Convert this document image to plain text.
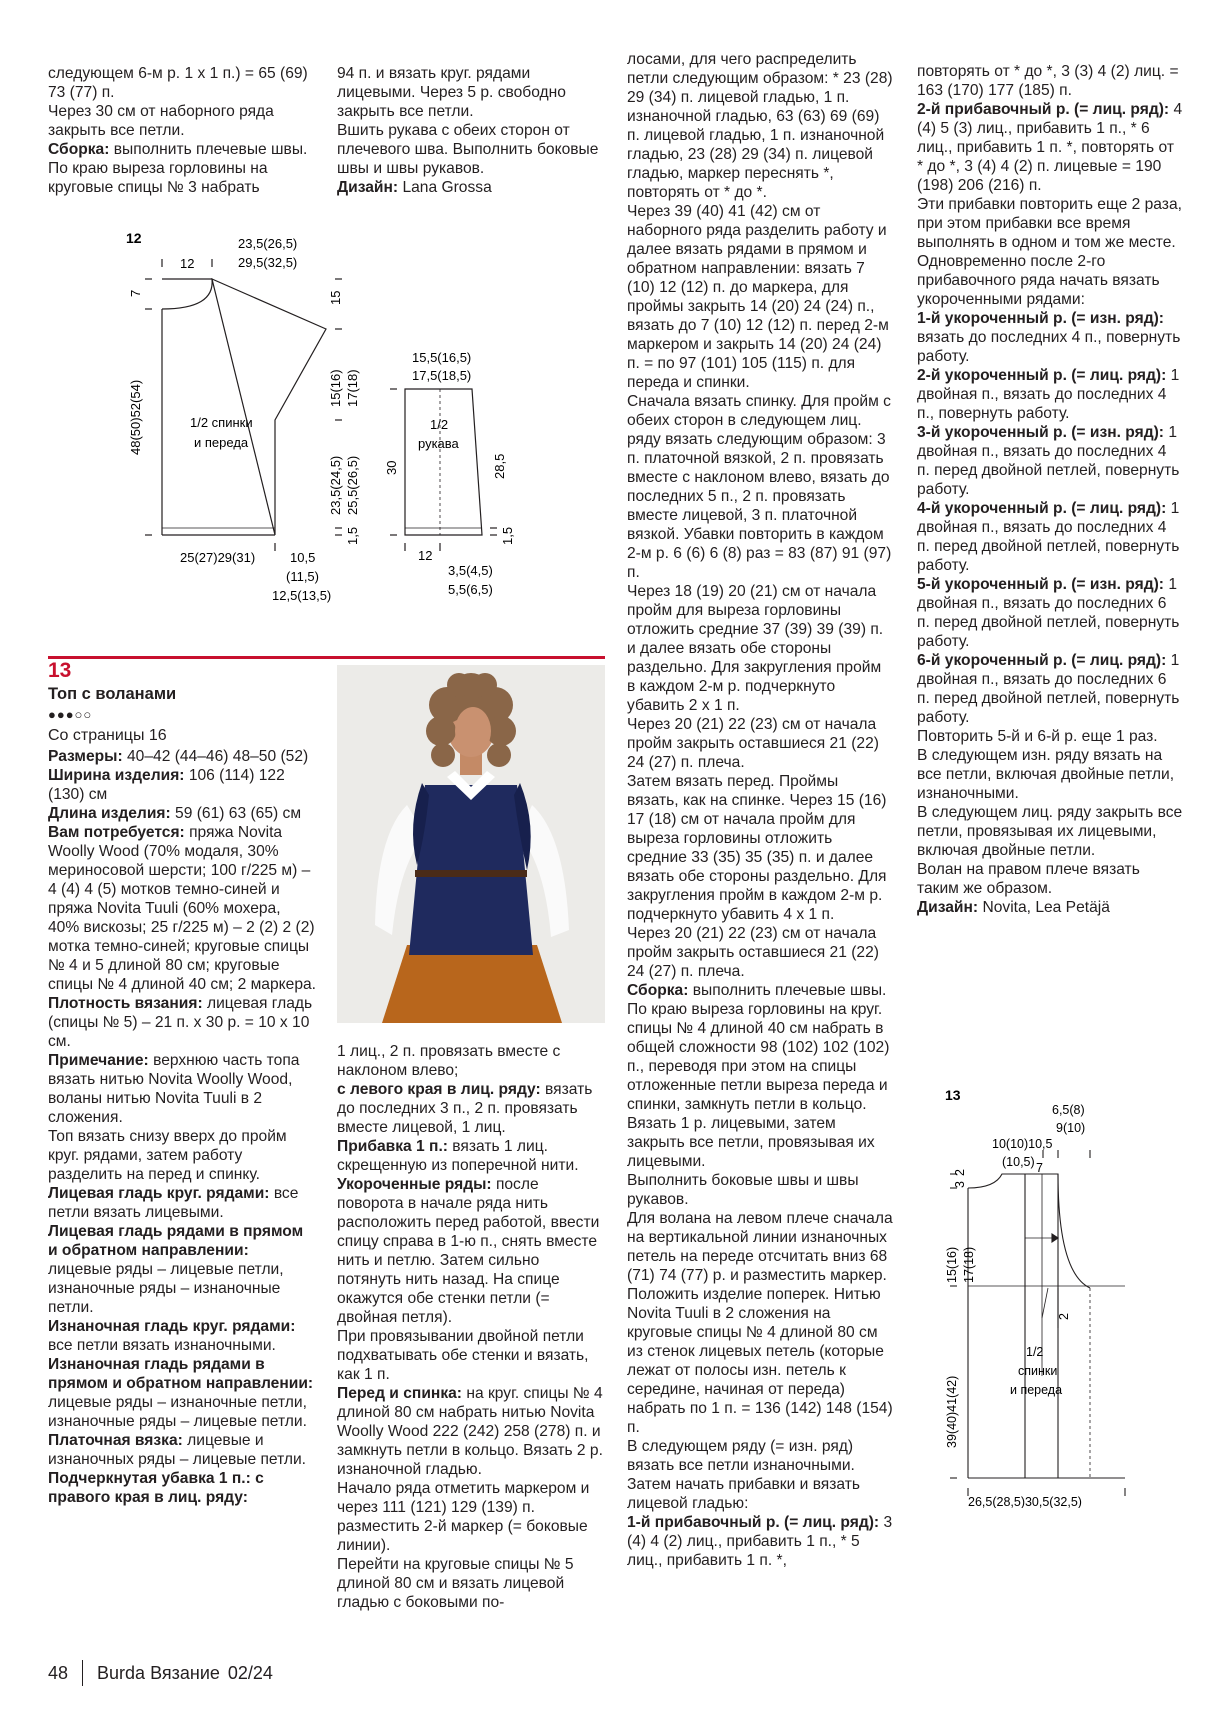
следующем 6-м р. 1 х 1 п.) = 65 (69) 73 (77) п.

Через 30 см от наборного ряда закрыть все петли.

Сборка: выполнить плечевые швы. По краю выреза горловины на круговые спицы № 3 набрать

94 п. и вязать круг. рядами лицевыми. Через 5 р. свободно закрыть все петли.

Вшить рукава с обеих сторон от плечевого шва. Выполнить боковые швы и швы рукавов.

Дизайн: Lana Grossa

лосами, для чего распределить петли следующим образом: * 23 (28) 29 (34) п. лицевой гладью, 1 п. изнаночной гладью, 63 (63) 69 (69) п. лицевой гладью, 1 п. изнаночной гладью, 23 (28) 29 (34) п. лицевой гладью, маркер переснять *, повторять от * до *.

Через 39 (40) 41 (42) см от наборного ряда разделить работу и далее вязать рядами в прямом и обратном направлении: вязать 7 (10) 12 (12) п. до маркера, для проймы закрыть 14 (20) 24 (24) п., вязать до 7 (10) 12 (12) п. перед 2-м маркером и закрыть 14 (20) 24 (24) п. = по 97 (101) 105 (115) п. для переда и спинки.

Сначала вязать спинку. Для пройм с обеих сторон в следующем лиц. ряду вязать следующим образом: 3 п. платочной вязкой, 2 п. провязать вместе с наклоном влево, вязать до последних 5 п., 2 п. провязать вместе лицевой, 3 п. платочной вязкой. Убавки повторить в каждом 2-м р. 6 (6) 6 (8) раз = 83 (87) 91 (97) п.

Через 18 (19) 20 (21) см от начала пройм для выреза горловины отложить средние 37 (39) 39 (39) п. и далее вязать обе стороны раздельно. Для закругления пройм в каждом 2-м р. подчеркнуто убавить 2 х 1 п.

Через 20 (21) 22 (23) см от начала пройм закрыть оставшиеся 21 (22) 24 (27) п. плеча.

Затем вязать перед. Проймы вязать, как на спинке. Через 15 (16) 17 (18) см от начала пройм для выреза горловины отложить средние 33 (35) 35 (35) п. и далее вязать обе стороны раздельно. Для закругления пройм в каждом 2-м р. подчеркнуто убавить 4 х 1 п.

Через 20 (21) 22 (23) см от начала пройм закрыть оставшиеся 21 (22) 24 (27) п. плеча.

Сборка: выполнить плечевые швы. По краю выреза горловины на круг. спицы № 4 длиной 40 см набрать в общей сложности 98 (102) 102 (102) п., переводя при этом на спицы отложенные петли выреза переда и спинки, замкнуть петли в кольцо. Вязать 1 р. лицевыми, затем закрыть все петли, провязывая их лицевыми.

Выполнить боковые швы и швы рукавов.

Для волана на левом плече сначала на вертикальной линии изнаночных петель на переде отсчитать вниз 68 (71) 74 (77) р. и разместить маркер. Положить изделие поперек. Нитью Novita Tuuli в 2 сложения на круговые спицы № 4 длиной 80 см из стенок лицевых петель (которые лежат от полосы изн. петель к середине, начиная от переда) набрать по 1 п. = 136 (142) 148 (154) п.

В следующем ряду (= изн. ряд) вязать все петли изнаночными. Затем начать прибавки и вязать лицевой гладью:

1-й прибавочный р. (= лиц. ряд): 3 (4) 4 (2) лиц., прибавить 1 п., * 5 лиц., прибавить 1 п. *,

повторять от * до *, 3 (3) 4 (2) лиц. = 163 (170) 177 (185) п.

2-й прибавочный р. (= лиц. ряд): 4 (4) 5 (3) лиц., прибавить 1 п., * 6 лиц., прибавить 1 п. *, повторять от * до *, 3 (4) 4 (2) п. лицевые = 190 (198) 206 (216) п.

Эти прибавки повторить еще 2 раза, при этом прибавки все время выполнять в одном и том же месте.

Одновременно после 2-го прибавочного ряда начать вязать укороченными рядами:

1-й укороченный р. (= изн. ряд): вязать до последних 4 п., повернуть работу.

2-й укороченный р. (= лиц. ряд): 1 двойная п., вязать до последних 4 п., повернуть работу.

3-й укороченный р. (= изн. ряд): 1 двойная п., вязать до последних 4 п. перед двойной петлей, повернуть работу.

4-й укороченный р. (= лиц. ряд): 1 двойная п., вязать до последних 4 п. перед двойной петлей, повернуть работу.

5-й укороченный р. (= изн. ряд): 1 двойная п., вязать до последних 6 п. перед двойной петлей, повернуть работу.

6-й укороченный р. (= лиц. ряд): 1 двойная п., вязать до последних 6 п. перед двойной петлей, повернуть работу.

Повторить 5-й и 6-й р. еще 1 раз.

В следующем изн. ряду вязать на все петли, включая двойные петли, изнаночными.

В следующем лиц. ряду закрыть все петли, провязывая их лицевыми, включая двойные петли.

Волан на правом плече вязать таким же образом.

Дизайн: Novita, Lea Petäjä

12
12
23,5(26,5)
29,5(32,5)
7
48(50)52(54)
15
15(16) 17(18)
23,5(24,5) 25,5(26,5)
1,5
1/2 спинки
и переда
25(27)29(31)	10,5
(11,5)
12,5(13,5)
15,5(16,5)
17,5(18,5)
1/2
рукава
30	28,5
1,5
12
3,5(4,5)
5,5(6,5)
13
Топ с воланами
●●●○○
Со страницы 16

Размеры: 40–42 (44–46) 48–50 (52)

Ширина изделия: 106 (114) 122 (130) см

Длина изделия: 59 (61) 63 (65) см

Вам потребуется: пряжа Novita Woolly Wood (70% модаля, 30% мериносовой шерсти; 100 г/225 м) – 4 (4) 4 (5) мотков темно-синей и пряжа Novita Tuuli (60% мохера, 40% вискозы; 25 г/225 м) – 2 (2) 2 (2) мотка темно-синей; круговые спицы № 4 и 5 длиной 80 см; круговые спицы № 4 длиной 40 см; 2 маркера.

Плотность вязания: лицевая гладь (спицы № 5) – 21 п. х 30 р. = 10 х 10 см.

Примечание: верхнюю часть топа вязать нитью Novita Woolly Wood, воланы нитью Novita Tuuli в 2 сложения.

Топ вязать снизу вверх до пройм круг. рядами, затем работу разделить на перед и спинку.

Лицевая гладь круг. рядами: все петли вязать лицевыми.

Лицевая гладь рядами в прямом и обратном направлении: лицевые ряды – лицевые петли, изнаночные ряды – изнаночные петли.

Изнаночная гладь круг. рядами: все петли вязать изнаночными.

Изнаночная гладь рядами в прямом и обратном направлении: лицевые ряды – изнаночные петли, изнаночные ряды – лицевые петли.

Платочная вязка: лицевые и изнаночных ряды – лицевые петли.

Подчеркнутая убавка 1 п.: с правого края в лиц. ряду:

1 лиц., 2 п. провязать вместе с наклоном влево;

с левого края в лиц. ряду: вязать до последних 3 п., 2 п. провязать вместе лицевой, 1 лиц.

Прибавка 1 п.: вязать 1 лиц. скрещенную из поперечной нити.

Укороченные ряды: после поворота в начале ряда нить расположить перед работой, ввести спицу справа в 1-ю п., снять вместе нить и петлю. Затем сильно потянуть нить назад. На спице окажутся обе стенки петли (= двойная петля).

При провязывании двойной петли подхватывать обе стенки и вязать, как 1 п.

Перед и спинка: на круг. спицы № 4 длиной 80 см набрать нитью Novita Woolly Wood 222 (242) 258 (278) п. и замкнуть петли в кольцо. Вязать 2 р. изнаночной гладью.

Начало ряда отметить маркером и через 111 (121) 129 (139) п. разместить 2-й маркер (= боковые линии).

Перейти на круговые спицы № 5 длиной 80 см и вязать лицевой гладью с боковыми по-

13
6,5(8)
9(10)
10(10)10,5
(10,5) 7
3
2
15(16) 17(18)
39(40)41(42)
2
1/2
спинки
и переда
26,5(28,5)30,5(32,5)
48 Burda Вязание 02/24
